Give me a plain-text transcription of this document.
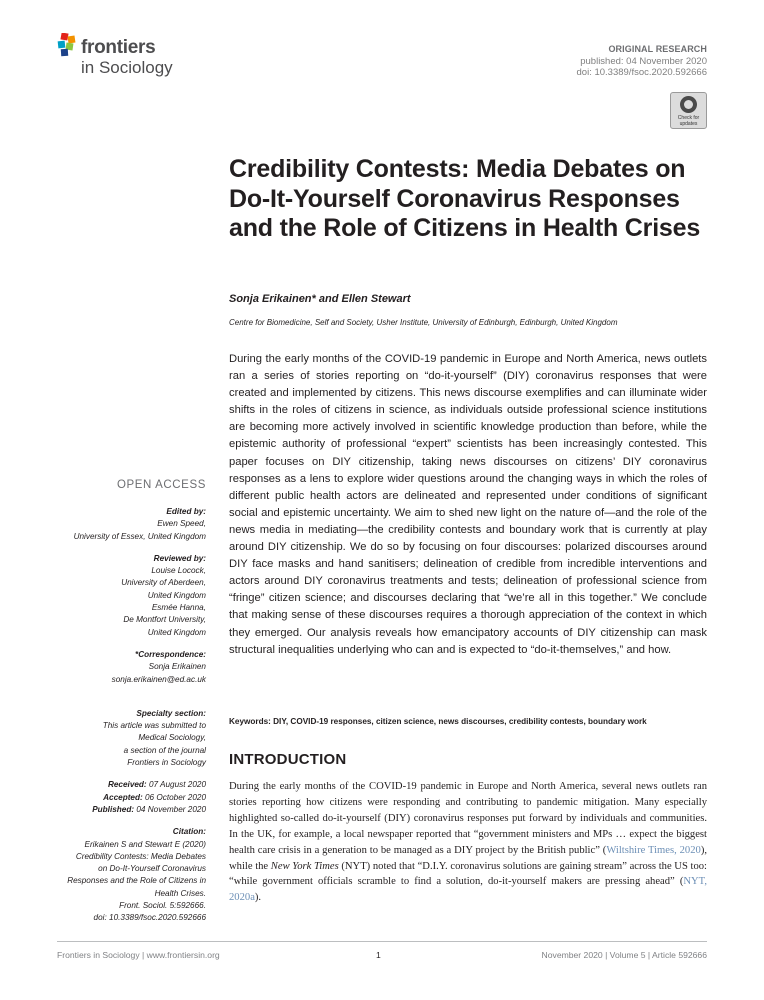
frontiers
in Sociology
ORIGINAL RESEARCH
published: 04 November 2020
doi: 10.3389/fsoc.2020.592666
Check for
updates
Credibility Contests: Media Debates on Do-It-Yourself Coronavirus Responses and the Role of Citizens in Health Crises
Sonja Erikainen* and Ellen Stewart
Centre for Biomedicine, Self and Society, Usher Institute, University of Edinburgh, Edinburgh, United Kingdom

During the early months of the COVID-19 pandemic in Europe and North America, news outlets ran a series of stories reporting on “do-it-yourself” (DIY) coronavirus responses that were created and implemented by citizens. This news discourse exemplifies and can illuminate wider shifts in the roles of citizens in science, as individuals outside professional science institutions are becoming more actively involved in scientific knowledge production than before, while the epistemic authority of professional “expert” scientists has been increasingly contested. This paper focuses on DIY citizenship, taking news discourses on citizens’ DIY coronavirus responses as a lens to explore wider questions around the changing ways in which the roles of different public health actors are delineated and represented under conditions of significant social and epistemic uncertainty. We aim to shed new light on the nature of—and the role of the news media in mediating—the credibility contests and boundary work that is currently at play around DIY citizenship. We do so by focusing on four discourses: polarized discourses around DIY face masks and hand sanitisers; delineation of credible from incredible interventions and actors around DIY coronavirus treatments and tests; delineation of professional science from “fringe” citizen science; and discourses declaring that “we’re all in this together.” We conclude that making sense of these discourses requires a thorough appreciation of the context in which they emerged. Our analysis reveals how emancipatory accounts of DIY citizenship can mask structural inequalities underlying who can and is expected to “do-it-themselves,” and how.

Keywords: DIY, COVID-19 responses, citizen science, news discourses, credibility contests, boundary work
INTRODUCTION

During the early months of the COVID-19 pandemic in Europe and North America, several news outlets ran stories reporting how citizens were responding and contributing to pandemic mitigation. Many especially highlighted so-called do-it-yourself (DIY) coronavirus responses put forward by individuals and communities. In the UK, for example, a local newspaper reported that “government ministers and MPs … expect the biggest health care crisis in a generation to be managed as a DIY project by the British public” (Wiltshire Times, 2020), while the New York Times (NYT) noted that “D.I.Y. coronavirus solutions are gaining stream” across the US too: “while government officials scramble to find a solution, do-it-yourself makers are pressing ahead” (NYT, 2020a).

OPEN ACCESS
Edited by:
Ewen Speed,
University of Essex, United Kingdom
Reviewed by:
Louise Locock,
University of Aberdeen,
United Kingdom
Esmée Hanna,
De Montfort University,
United Kingdom
*Correspondence:
Sonja Erikainen
sonja.erikainen@ed.ac.uk
Specialty section:
This article was submitted to
Medical Sociology,
a section of the journal
Frontiers in Sociology
Received: 07 August 2020
Accepted: 06 October 2020
Published: 04 November 2020
Citation:
Erikainen S and Stewart E (2020)
Credibility Contests: Media Debates
on Do-It-Yourself Coronavirus
Responses and the Role of Citizens in
Health Crises.
Front. Sociol. 5:592666.
doi: 10.3389/fsoc.2020.592666
Frontiers in Sociology | www.frontiersin.org	1	November 2020 | Volume 5 | Article 592666
